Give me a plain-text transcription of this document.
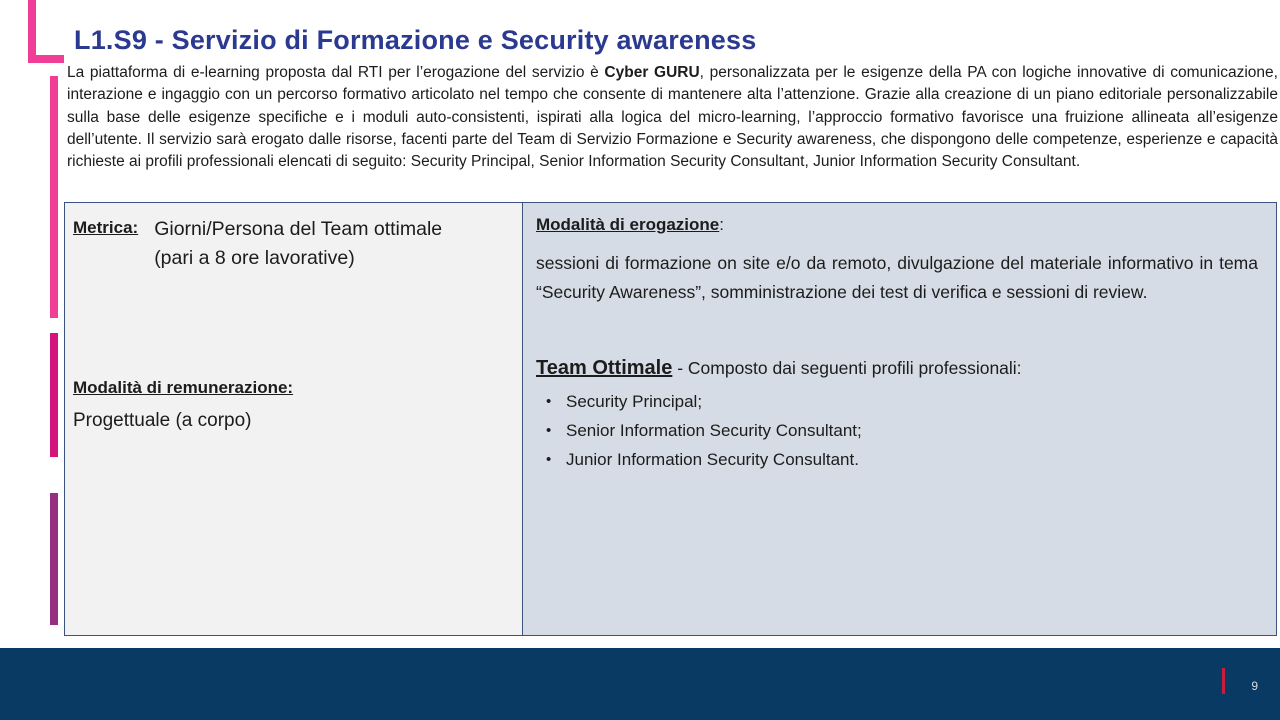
L1.S9 - Servizio di Formazione e Security awareness

La piattaforma di e-learning proposta dal RTI per l’erogazione del servizio è Cyber GURU, personalizzata per le esigenze della PA con logiche innovative di comunicazione, interazione e ingaggio con un percorso formativo articolato nel tempo che consente di mantenere alta l’attenzione. Grazie alla creazione di un piano editoriale personalizzabile sulla base delle esigenze specifiche e i moduli auto-consistenti, ispirati alla logica del micro-learning, l’approccio formativo favorisce una fruizione allineata all’esigenze dell’utente. Il servizio sarà erogato dalle risorse, facenti parte del Team di Servizio Formazione e Security awareness, che dispongono delle competenze, esperienze e capacità richieste ai profili professionali elencati di seguito: Security Principal, Senior Information Security Consultant, Junior Information Security Consultant.

Metrica: Giorni/Persona del Team ottimale
(pari a 8 ore lavorative)
Modalità di remunerazione:
Progettuale (a corpo)
Modalità di erogazione:

sessioni di formazione on site e/o da remoto, divulgazione del materiale informativo in tema “Security Awareness”, somministrazione dei test di verifica e sessioni di review.

Team Ottimale - Composto dai seguenti profili professionali:
• Security Principal;
• Senior Information Security Consultant;
• Junior Information Security Consultant.
9
